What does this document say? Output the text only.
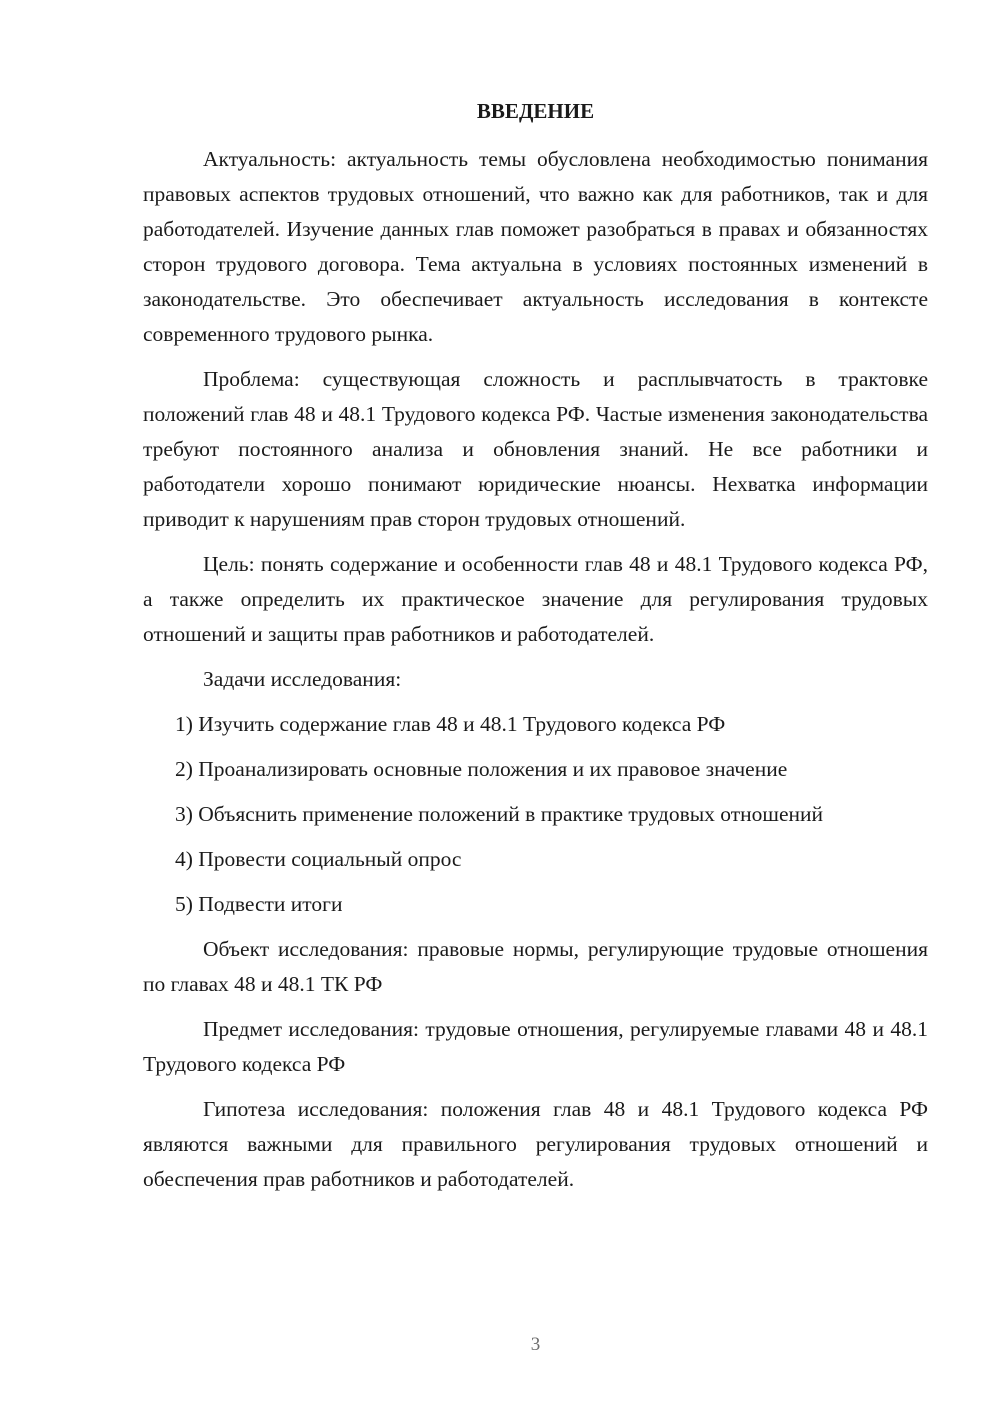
ВВЕДЕНИЕ

Актуальность: актуальность темы обусловлена необходимостью понимания правовых аспектов трудовых отношений, что важно как для работников, так и для работодателей. Изучение данных глав поможет разобраться в правах и обязанностях сторон трудового договора. Тема актуальна в условиях постоянных изменений в законодательстве. Это обеспечивает актуальность исследования в контексте современного трудового рынка.

Проблема: существующая сложность и расплывчатость в трактовке положений глав 48 и 48.1 Трудового кодекса РФ. Частые изменения законодательства требуют постоянного анализа и обновления знаний. Не все работники и работодатели хорошо понимают юридические нюансы. Нехватка информации приводит к нарушениям прав сторон трудовых отношений.

Цель: понять содержание и особенности глав 48 и 48.1 Трудового кодекса РФ, а также определить их практическое значение для регулирования трудовых отношений и защиты прав работников и работодателей.

Задачи исследования:

1) Изучить содержание глав 48 и 48.1 Трудового кодекса РФ

2) Проанализировать основные положения и их правовое значение

3) Объяснить применение положений в практике трудовых отношений

4) Провести социальный опрос

5) Подвести итоги

Объект исследования: правовые нормы, регулирующие трудовые отношения по главах 48 и 48.1 ТК РФ

Предмет исследования: трудовые отношения, регулируемые главами 48 и 48.1 Трудового кодекса РФ

Гипотеза исследования: положения глав 48 и 48.1 Трудового кодекса РФ являются важными для правильного регулирования трудовых отношений и обеспечения прав работников и работодателей.

3
